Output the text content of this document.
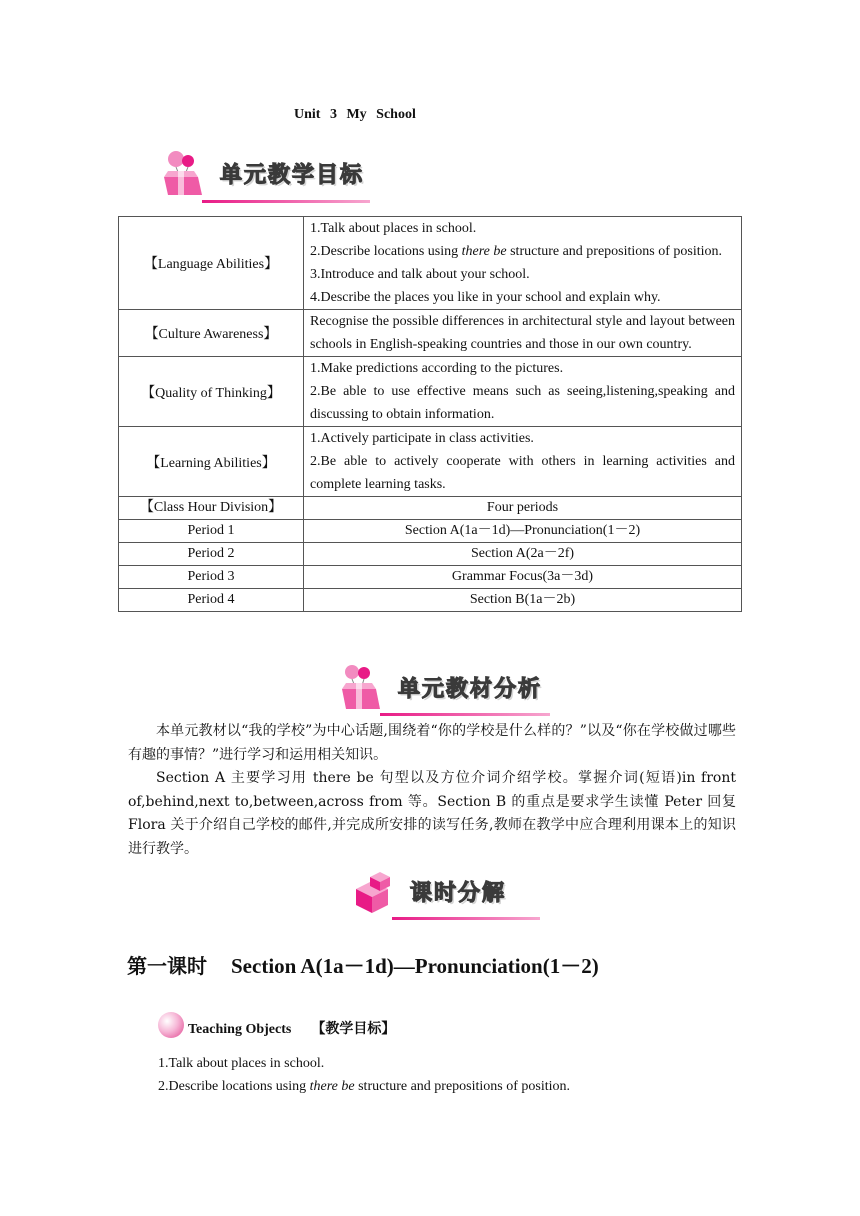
Unit 3 My School
单元教学目标
【Language Abilities】	1.Talk about places in school.
2.Describe locations using there be structure and prepositions of position.
3.Introduce and talk about your school.
4.Describe the places you like in your school and explain why.

【Culture Awareness】	Recognise the possible differences in architectural style and layout between schools in English-speaking countries and those in our own country.
【Quality of Thinking】	1.Make predictions according to the pictures.
2.Be able to use effective means such as seeing,listening,speaking and discussing to obtain information.

【Learning Abilities】	1.Actively participate in class activities.
2.Be able to actively cooperate with others in learning activities and complete learning tasks.

【Class Hour Division】	Four periods
Period 1	Section A(1a－1d)—Pronunciation(1－2)
Period 2	Section A(2a－2f)
Period 3	Grammar Focus(3a－3d)
Period 4	Section B(1a－2b)
单元教材分析

本单元教材以“我的学校”为中心话题,围绕着“你的学校是什么样的？”以及“你在学校做过哪些有趣的事情？”进行学习和运用相关知识。

Section A 主要学习用 there be 句型以及方位介词介绍学校。掌握介词(短语)in front of,behind,next to,between,across from 等。Section B 的重点是要求学生读懂 Peter 回复 Flora 关于介绍自己学校的邮件,并完成所安排的读写任务,教师在教学中应合理利用课本上的知识进行教学。

课时分解
第一课时 Section A(1a－1d)—Pronunciation(1－2)
Teaching Objects 【教学目标】
1.Talk about places in school.
2.Describe locations using there be structure and prepositions of position.
